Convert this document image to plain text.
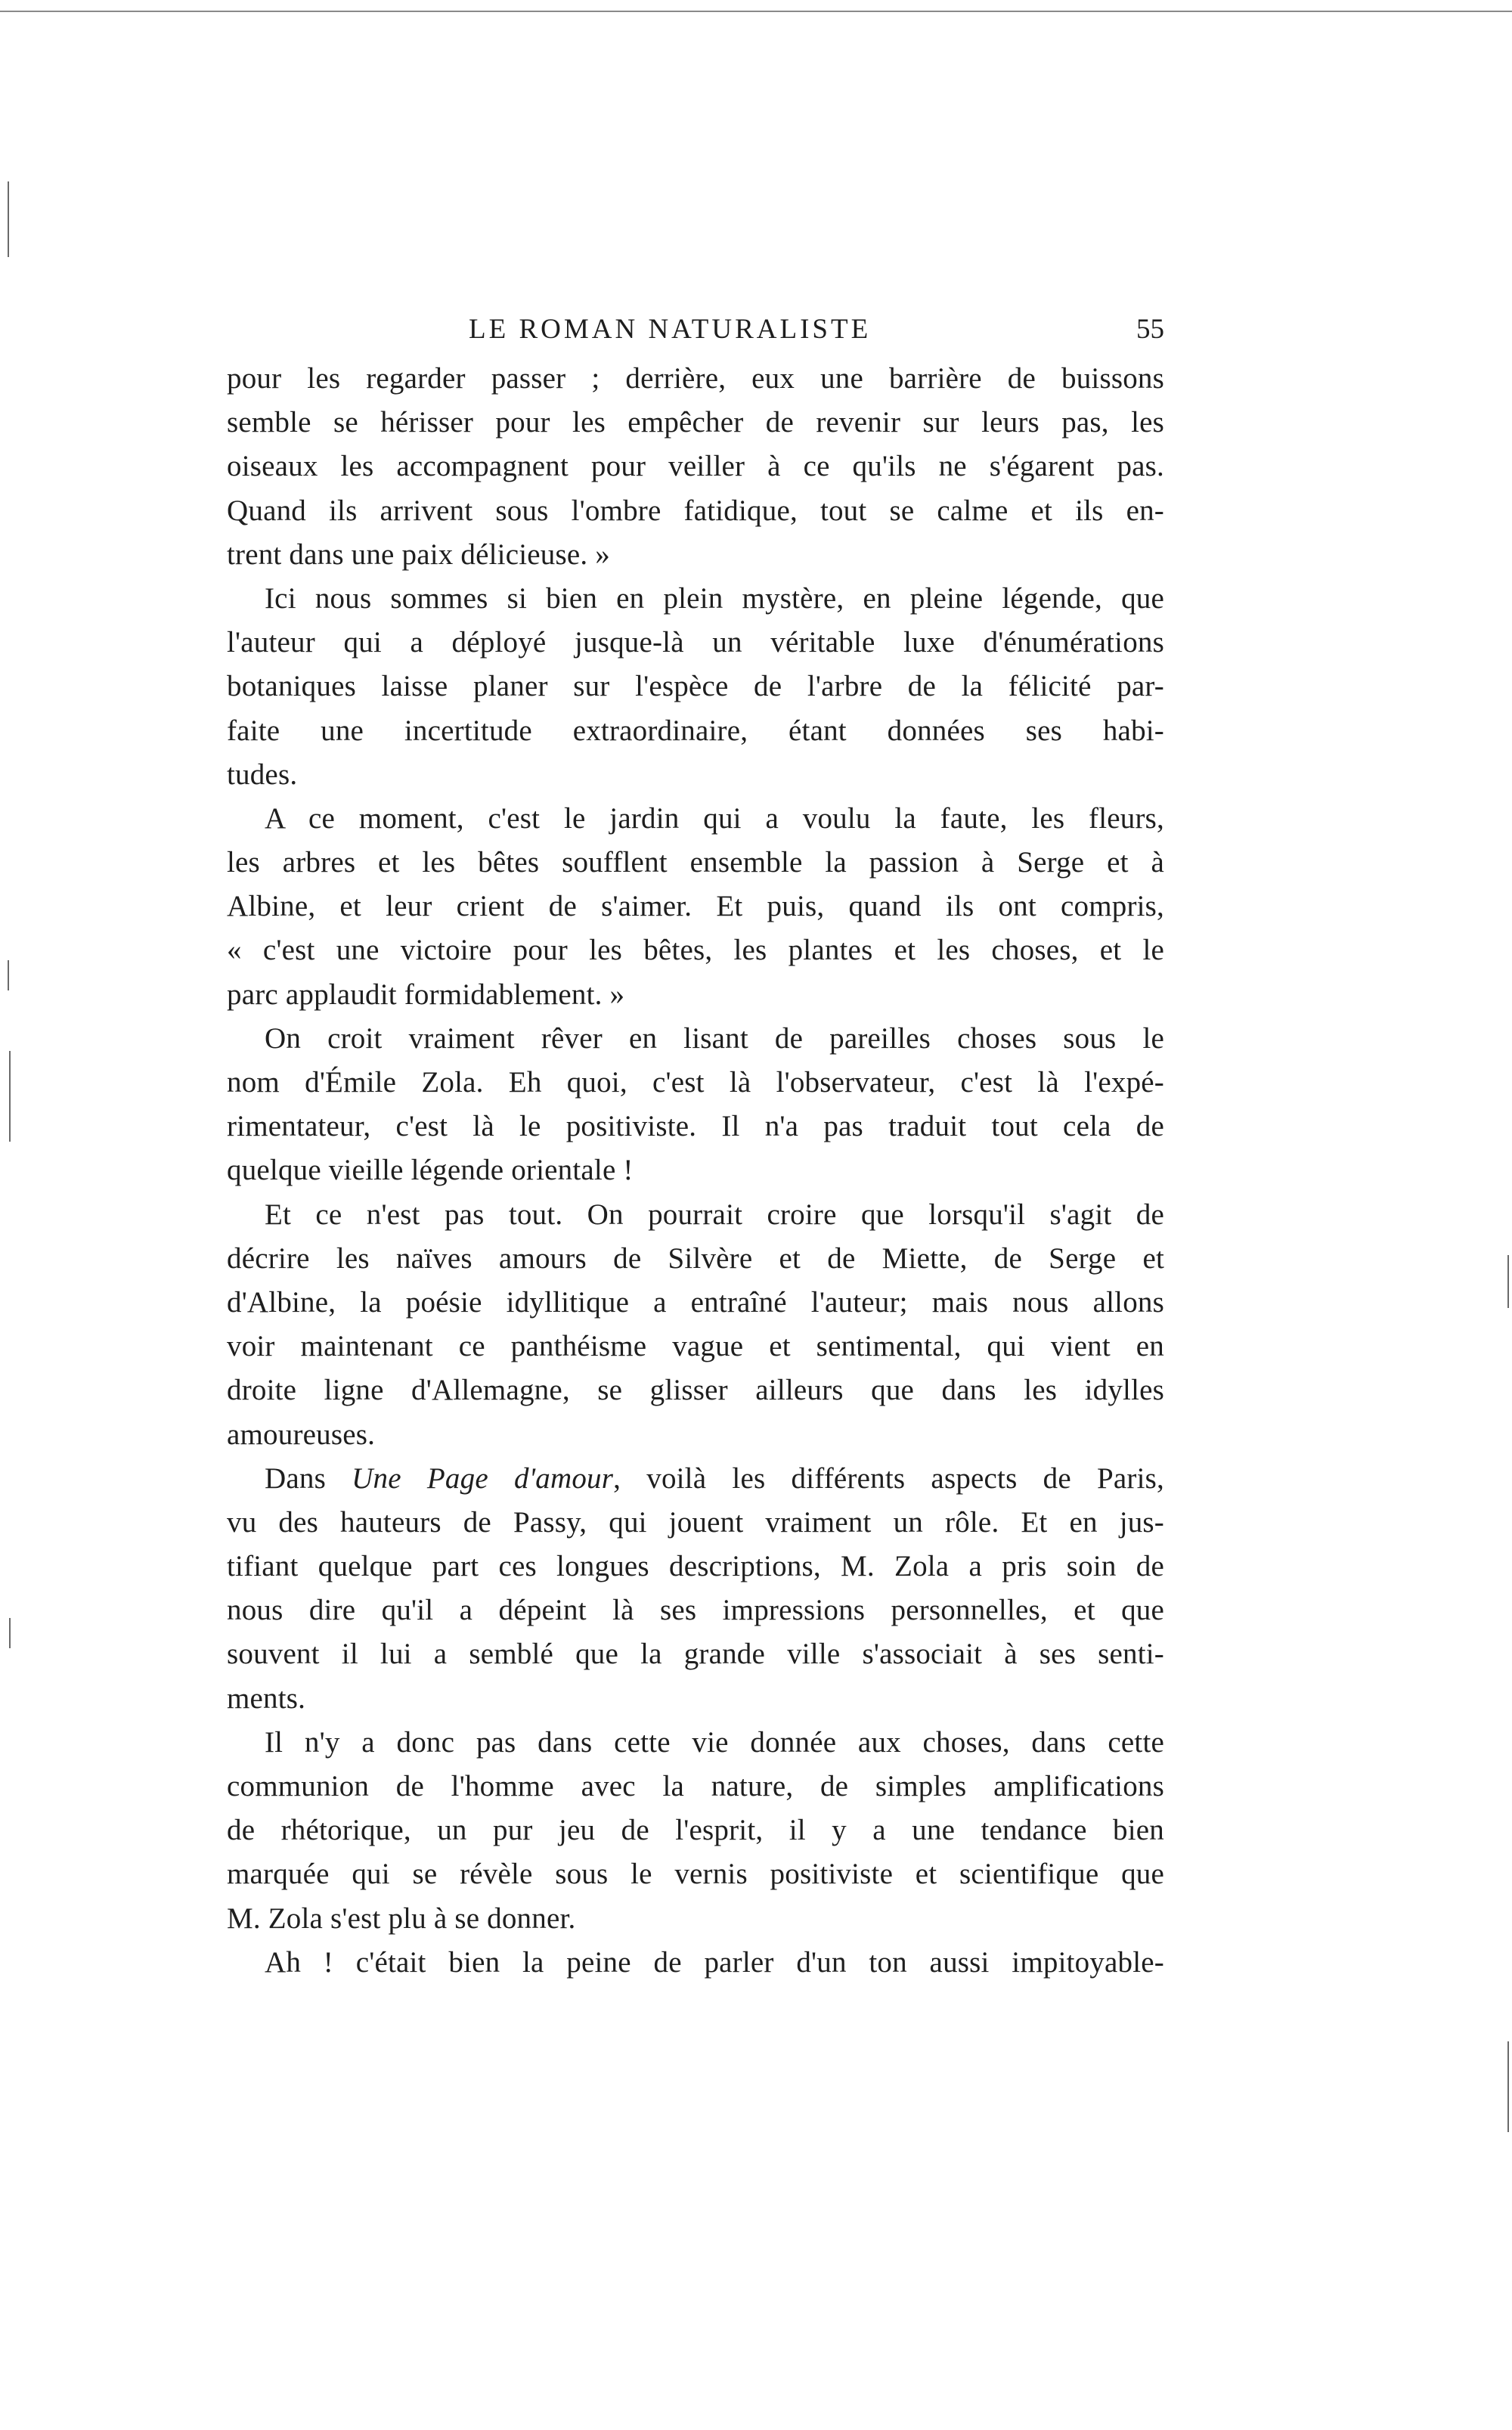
LE ROMAN NATURALISTE	55
pour les regarder passer ; derrière, eux une barrière de buissons
semble se hérisser pour les empêcher de revenir sur leurs pas, les
oiseaux les accompagnent pour veiller à ce qu'ils ne s'égarent pas.
Quand ils arrivent sous l'ombre fatidique, tout se calme et ils en-
trent dans une paix délicieuse. »
Ici nous sommes si bien en plein mystère, en pleine légende, que
l'auteur qui a déployé jusque-là un véritable luxe d'énumérations
botaniques laisse planer sur l'espèce de l'arbre de la félicité par-
faite une incertitude extraordinaire, étant données ses habi-
tudes.
A ce moment, c'est le jardin qui a voulu la faute, les fleurs,
les arbres et les bêtes soufflent ensemble la passion à Serge et à
Albine, et leur crient de s'aimer. Et puis, quand ils ont compris,
« c'est une victoire pour les bêtes, les plantes et les choses, et le
parc applaudit formidablement. »
On croit vraiment rêver en lisant de pareilles choses sous le
nom d'Émile Zola. Eh quoi, c'est là l'observateur, c'est là l'expé-
rimentateur, c'est là le positiviste. Il n'a pas traduit tout cela de
quelque vieille légende orientale !
Et ce n'est pas tout. On pourrait croire que lorsqu'il s'agit de
décrire les naïves amours de Silvère et de Miette, de Serge et
d'Albine, la poésie idyllitique a entraîné l'auteur; mais nous allons
voir maintenant ce panthéisme vague et sentimental, qui vient en
droite ligne d'Allemagne, se glisser ailleurs que dans les idylles
amoureuses.
Dans Une Page d'amour, voilà les différents aspects de Paris,
vu des hauteurs de Passy, qui jouent vraiment un rôle. Et en jus-
tifiant quelque part ces longues descriptions, M. Zola a pris soin de
nous dire qu'il a dépeint là ses impressions personnelles, et que
souvent il lui a semblé que la grande ville s'associait à ses senti-
ments.
Il n'y a donc pas dans cette vie donnée aux choses, dans cette
communion de l'homme avec la nature, de simples amplifications
de rhétorique, un pur jeu de l'esprit, il y a une tendance bien
marquée qui se révèle sous le vernis positiviste et scientifique que
M. Zola s'est plu à se donner.
Ah ! c'était bien la peine de parler d'un ton aussi impitoyable-
